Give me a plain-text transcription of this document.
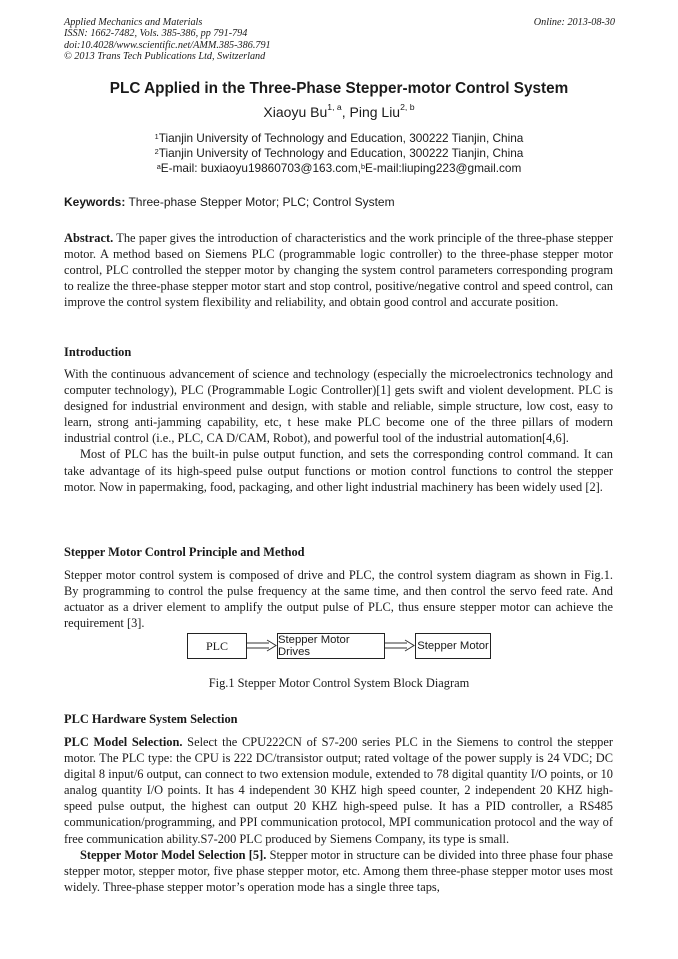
Applied Mechanics and Materials
ISSN: 1662-7482, Vols. 385-386, pp 791-794
doi:10.4028/www.scientific.net/AMM.385-386.791
© 2013 Trans Tech Publications Ltd, Switzerland
Online: 2013-08-30
PLC Applied in the Three-Phase Stepper-motor Control System
Xiaoyu Bu$^{1, a}$, Ping Liu$^{2, b}$
$^1$Tianjin University of Technology and Education, 300222 Tianjin, China
$^2$Tianjin University of Technology and Education, 300222 Tianjin, China
$^a$E-mail: buxiaoyu19860703@163.com,$^b$E-mail:liuping223@gmail.com
Keywords: Three-phase Stepper Motor; PLC; Control System

Abstract. The paper gives the introduction of characteristics and the work principle of the three-phase stepper motor. A method based on Siemens PLC (programmable logic controller) to the three-phase stepper motor control, PLC controlled the stepper motor by changing the system control parameters corresponding program to realize the three-phase stepper motor start and stop control, positive/negative control and speed control, can improve the control system flexibility and reliability, and obtain good control and accurate position.

Introduction

With the continuous advancement of science and technology (especially the microelectronics technology and computer technology), PLC (Programmable Logic Controller)[1] gets swift and violent development. PLC is designed for industrial environment and design, with stable and reliable, simple structure, low cost, easy to learn, strong anti-jamming capability, etc, t hese make PLC become one of the three pillars of modern industrial control (i.e., PLC, CA D/CAM, Robot), and powerful tool of the industrial automation[4,6].

Most of PLC has the built-in pulse output function, and sets the corresponding control command. It can take advantage of its high-speed pulse output functions or motion control functions to control the stepper motor. Now in papermaking, food, packaging, and other light industrial machinery has been widely used [2].

Stepper Motor Control Principle and Method

Stepper motor control system is composed of drive and PLC, the control system diagram as shown in Fig.1. By programming to control the pulse frequency at the same time, and then control the servo feed rate. And actuator as a driver element to amplify the output pulse of PLC, thus ensure stepper motor can achieve the requirement [3].

PLC	Stepper Motor Drives	Stepper Motor
Fig.1 Stepper Motor Control System Block Diagram
PLC Hardware System Selection

PLC Model Selection. Select the CPU222CN of S7-200 series PLC in the Siemens to control the stepper motor. The PLC type: the CPU is 222 DC/transistor output; rated voltage of the power supply is 24 VDC; DC digital 8 input/6 output, can connect to two extension module, extended to 78 digital quantity I/O points, or 10 analog quantity I/O points. It has 4 independent 30 KHZ high speed counter, 2 independent 20 KHZ high-speed pulse output, the highest can output 20 KHZ high-speed pulse. It has a PID controller, a RS485 communication/programming, and PPI communication protocol, MPI communication protocol and the way of free communication ability.S7-200 PLC produced by Siemens Company, its type is small.

Stepper Motor Model Selection [5]. Stepper motor in structure can be divided into three phase four phase stepper motor, stepper motor, five phase stepper motor, etc. Among them three-phase stepper motor uses most widely. Three-phase stepper motor’s operation mode has a single three taps,
